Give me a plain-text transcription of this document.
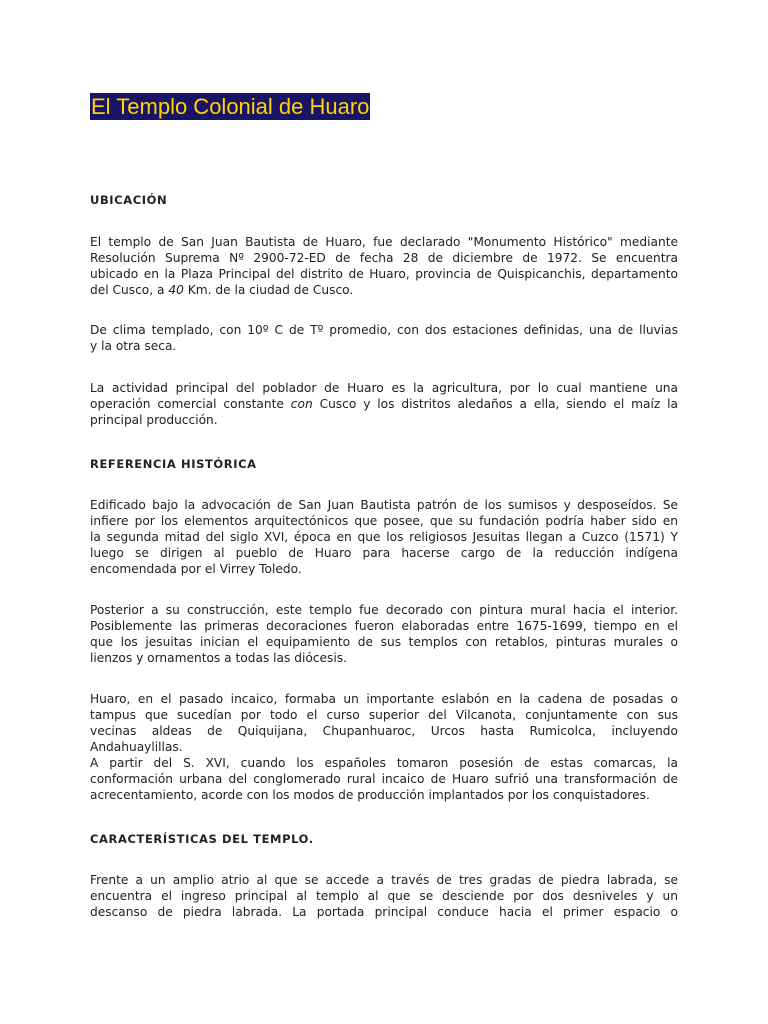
El Templo Colonial de Huaro
UBICACIÓN

El templo de San Juan Bautista de Huaro, fue declarado "Monumento Histórico" mediante
Resolución Suprema Nº 2900-72-ED de fecha 28 de diciembre de 1972. Se encuentra
ubicado en la Plaza Principal del distrito de Huaro, provincia de Quispicanchis, departamento
del Cusco, a 40 Km. de la ciudad de Cusco.

De clima templado, con 10º C de Tº promedio, con dos estaciones definidas, una de lluvias
y la otra seca.

La actividad principal del poblador de Huaro es la agricultura, por lo cual mantiene una
operación comercial constante con Cusco y los distritos aledaños a ella, siendo el maíz la
principal producción.

REFERENCIA HISTÓRICA

Edificado bajo la advocación de San Juan Bautista patrón de los sumisos y desposeídos. Se
infiere por los elementos arquitectónicos que posee, que su fundación podría haber sido en
la segunda mitad del siglo XVI, época en que los religiosos Jesuitas llegan a Cuzco (1571) Y
luego se dirigen al pueblo de Huaro para hacerse cargo de la reducción indígena
encomendada por el Virrey Toledo.

Posterior a su construcción, este templo fue decorado con pintura mural hacia el interior.
Posiblemente las primeras decoraciones fueron elaboradas entre 1675-1699, tiempo en el
que los jesuitas inician el equipamiento de sus templos con retablos, pinturas murales o
lienzos y ornamentos a todas las diócesis.

Huaro, en el pasado incaico, formaba un importante eslabón en la cadena de posadas o
tampus que sucedían por todo el curso superior del Vilcanota, conjuntamente con sus
vecinas aldeas de Quiquijana, Chupanhuaroc, Urcos hasta Rumicolca, incluyendo
Andahuaylillas.
A partir del S. XVI, cuando los españoles tomaron posesión de estas comarcas, la
conformación urbana del conglomerado rural incaico de Huaro sufrió una transformación de
acrecentamiento, acorde con los modos de producción implantados por los conquistadores.

CARACTERÍSTICAS DEL TEMPLO.

Frente a un amplio atrio al que se accede a través de tres gradas de piedra labrada, se
encuentra el ingreso principal al templo al que se desciende por dos desniveles y un
descanso de piedra labrada. La portada principal conduce hacia el primer espacio o
